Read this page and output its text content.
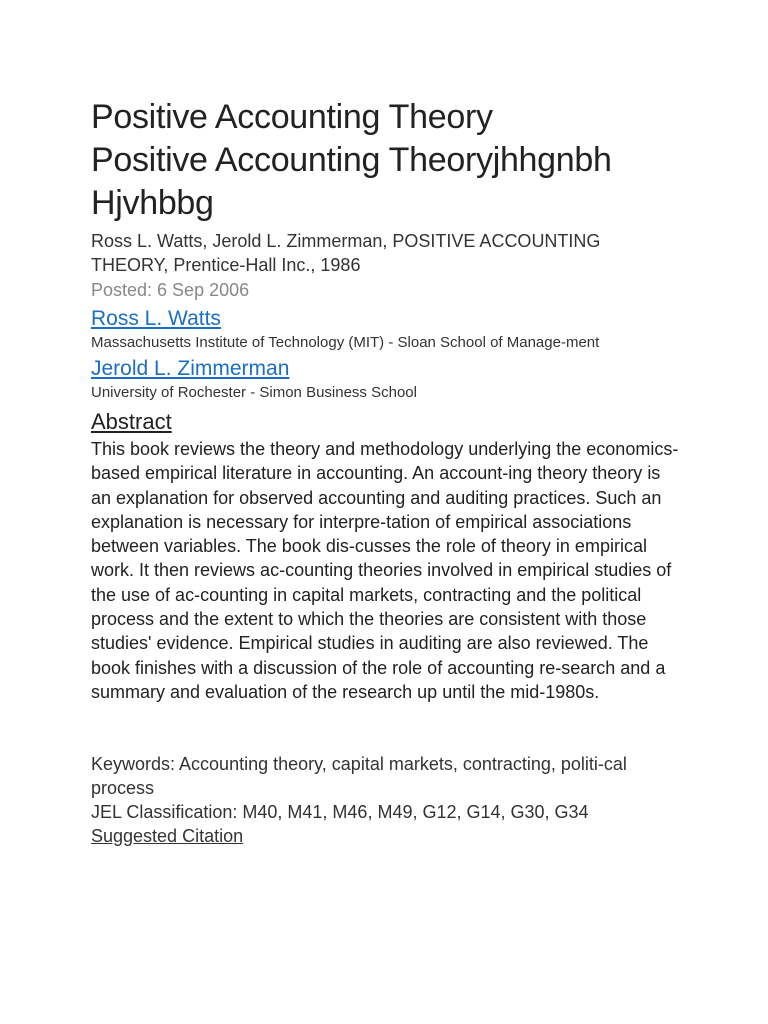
Positive Accounting Theory
Positive Accounting Theoryjhhgnbh
Hjvhbbg

Ross L. Watts, Jerold L. Zimmerman, POSITIVE ACCOUNTING THEORY, Prentice-Hall Inc., 1986

Posted: 6 Sep 2006

Ross L. Watts

Massachusetts Institute of Technology (MIT) - Sloan School of Manage-ment

Jerold L. Zimmerman

University of Rochester - Simon Business School

Abstract

This book reviews the theory and methodology underlying the economics-based empirical literature in accounting. An account-ing theory theory is an explanation for observed accounting and auditing practices. Such an explanation is necessary for interpre-tation of empirical associations between variables. The book dis-cusses the role of theory in empirical work. It then reviews ac-counting theories involved in empirical studies of the use of ac-counting in capital markets, contracting and the political process and the extent to which the theories are consistent with those studies' evidence. Empirical studies in auditing are also reviewed. The book finishes with a discussion of the role of accounting re-search and a summary and evaluation of the research up until the mid-1980s.

Keywords: Accounting theory, capital markets, contracting, politi-cal process

JEL Classification: M40, M41, M46, M49, G12, G14, G30, G34

Suggested Citation
